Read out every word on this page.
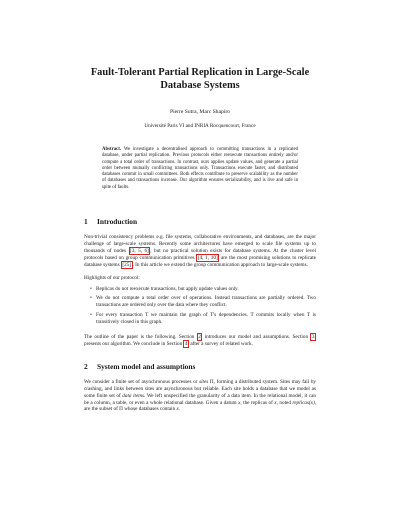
Fault-Tolerant Partial Replication in Large-Scale Database Systems
Pierre Sutra, Marc Shapiro
Université Paris VI and INRIA Rocquencourt, France
Abstract. We investigate a decentralised approach to committing transactions in a replicated database, under partial replication. Previous protocols either reexecute transactions entirely and/or compute a total order of transactions. In contrast, ours applies update values, and generate a partial order between mutually conflicting transactions only. Transactions execute faster, and distributed databases commit in small committees. Both effects contribute to preserve scalability as the number of databases and transactions increase. Our algorithm ensures serializability, and is live and safe in spite of faults.
1 Introduction
Non-trivial consistency problems e.g. file systems, collaborative environments, and databases, are the major challenge of large-scale systems. Recently some architectures have emerged to scale file systems up to thousands of nodes [3, 5, 6] , but no practical solution exists for database systems. At the cluster level protocols based on group communication primitives [4, 1, 10] are the most promising solutions to replicate database systems [25] . In this article we extend the group communication approach to large-scale systems.
Highlights of our protocol:
• Replicas do not reexecute transactions, but apply update values only.
• We do not compute a total order over of operations. Instead transactions are partially ordered. Two transactions are ordered only over the data where they conflict.
• For every transaction T we maintain the graph of T's dependencies. T commits locally when T is transitively closed in this graph.
The outline of the paper is the following. Section 2 introduces our model and assumptions. Section 3 presents our algorithm. We conclude in Section 4 after a survey of related work.
2 System model and assumptions
We consider a finite set of asynchronous processes or sites Π, forming a distributed system. Sites may fail by crashing, and links between sites are asynchronous but reliable. Each site holds a database that we model as some finite set of data items. We left unspecified the granularity of a data item. In the relational model, it can be a column, a table, or even a whole relational database. Given a datum x, the replicas of x, noted replicas(x), are the subset of Π whose databases contain x.
